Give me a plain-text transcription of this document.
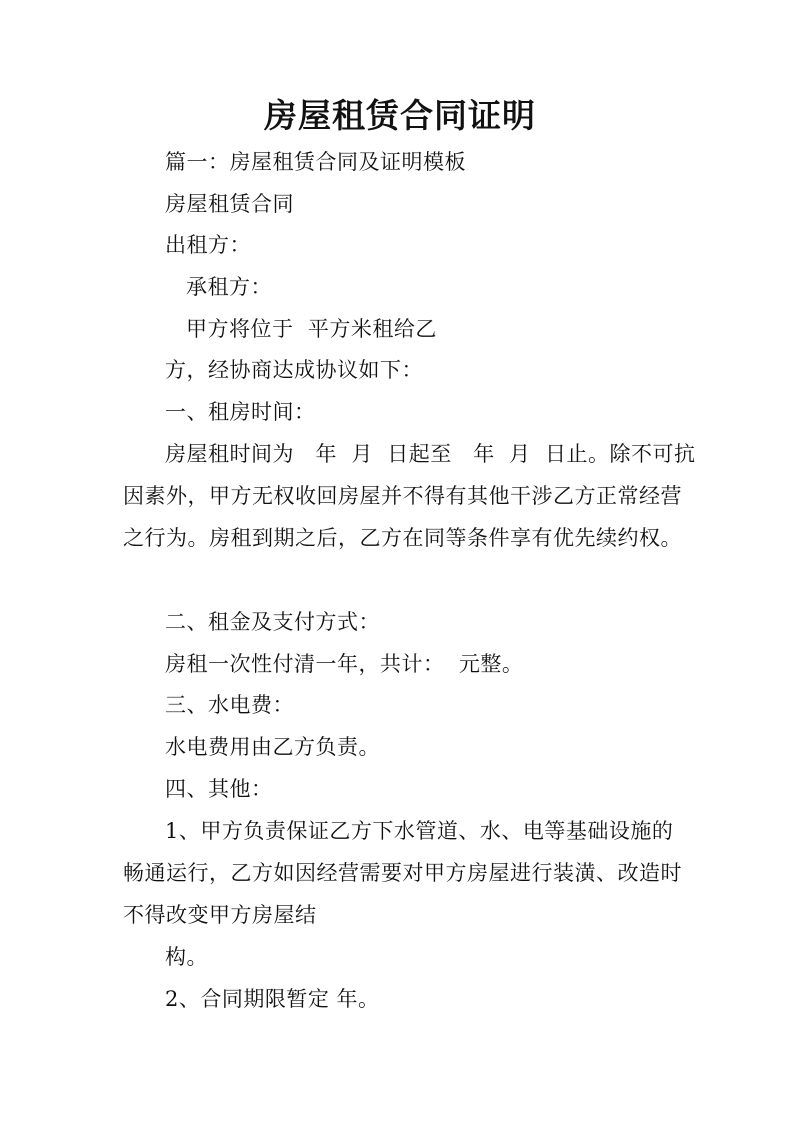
房屋租赁合同证明
篇一：房屋租赁合同及证明模板
房屋租赁合同
出租方：
承租方：
甲方将位于  平方米租给乙
方，经协商达成协议如下：
一、租房时间：
房屋租时间为   年  月  日起至   年  月  日止。除不可抗
因素外，甲方无权收回房屋并不得有其他干涉乙方正常经营
之行为。房租到期之后，乙方在同等条件享有优先续约权。
二、租金及支付方式：
房租一次性付清一年，共计：  元整。
三、水电费：
水电费用由乙方负责。
四、其他：
1、甲方负责保证乙方下水管道、水、电等基础设施的
畅通运行，乙方如因经营需要对甲方房屋进行装潢、改造时
不得改变甲方房屋结
构。
2、合同期限暂定 年。
